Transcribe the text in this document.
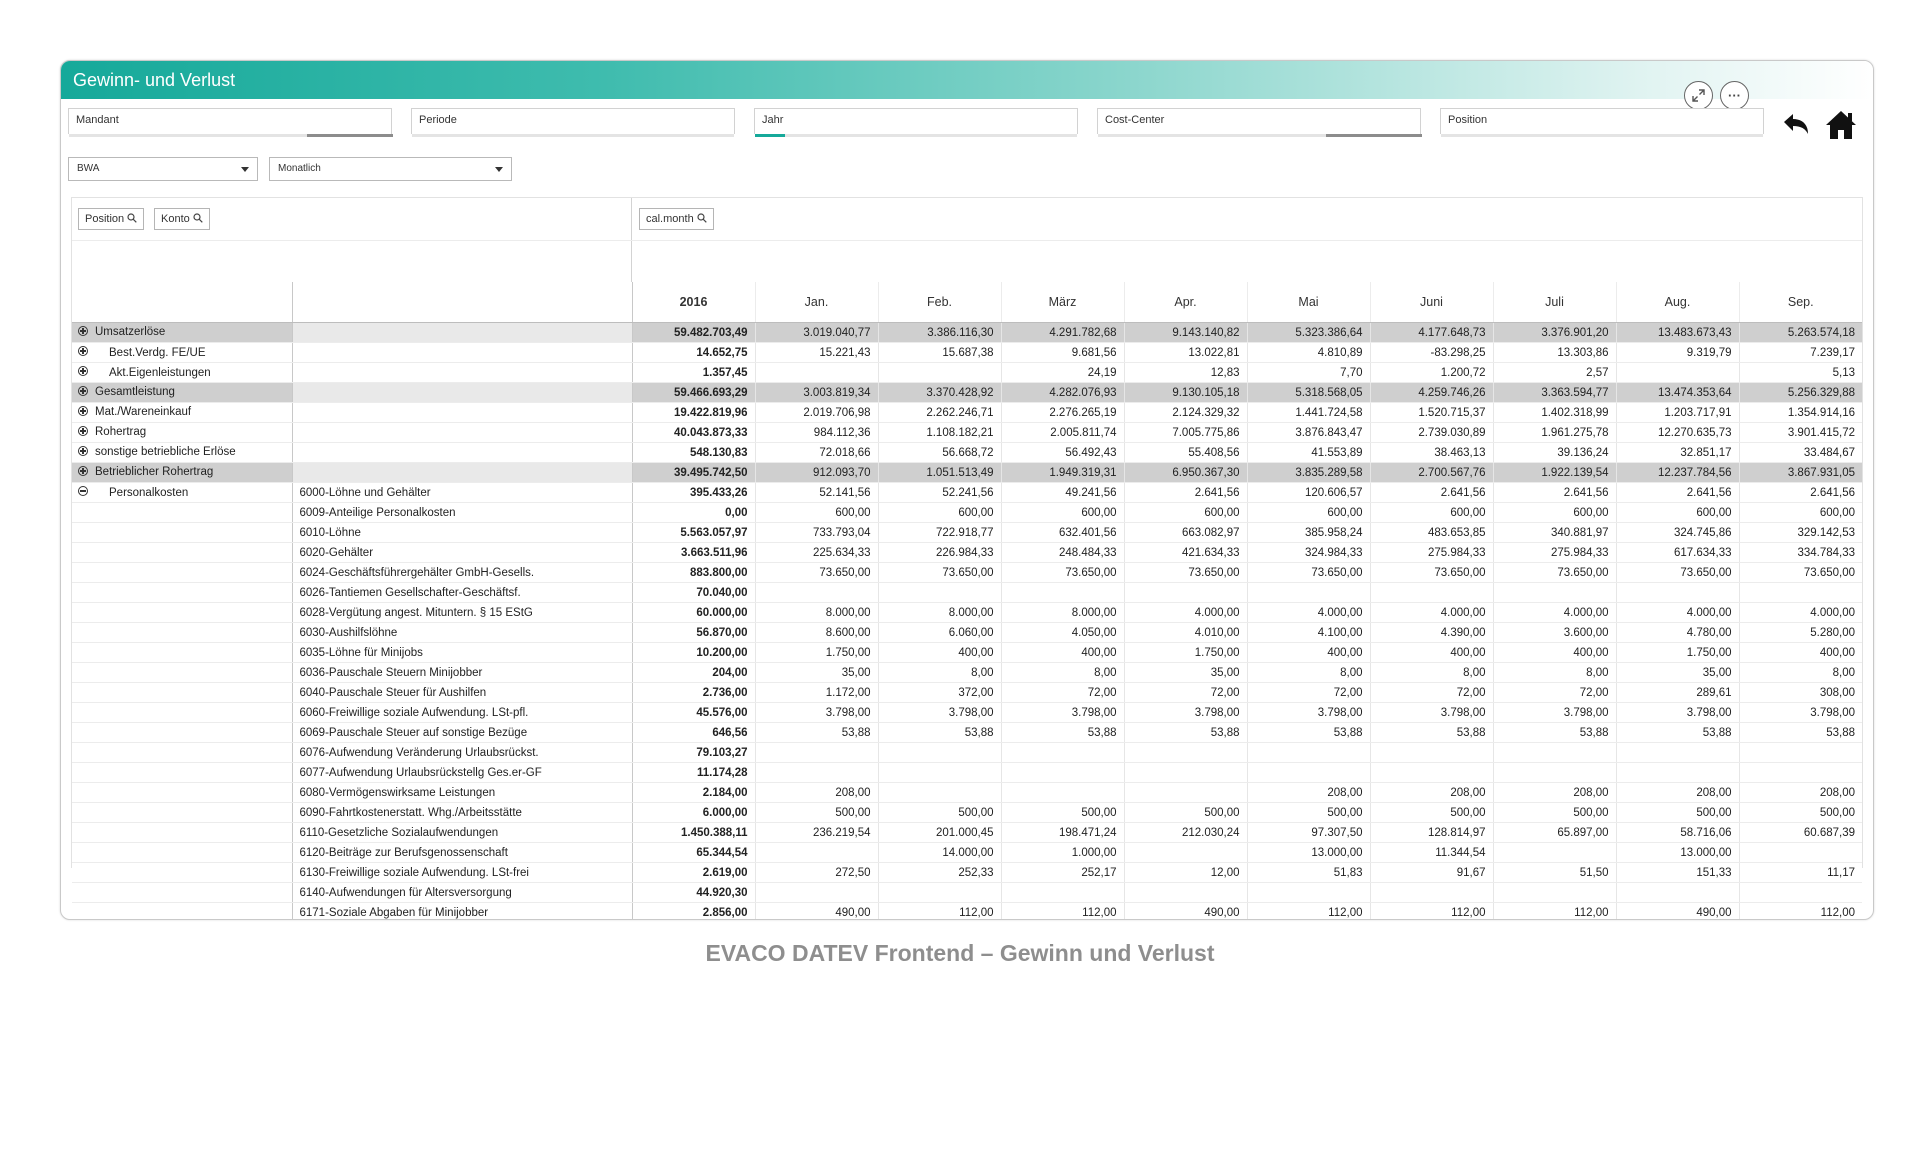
Gewinn- und Verlust
···
Mandant	Periode	Jahr	Cost-Center	Position
BWA	Monatlich
Position	Konto	cal.month
		2016	Jan.	Feb.	März	Apr.	Mai	Juni	Juli	Aug.	Sep.
Umsatzerlöse		59.482.703,49	3.019.040,77	3.386.116,30	4.291.782,68	9.143.140,82	5.323.386,64	4.177.648,73	3.376.901,20	13.483.673,43	5.263.574,18
Best.Verdg. FE/UE		14.652,75	15.221,43	15.687,38	9.681,56	13.022,81	4.810,89	-83.298,25	13.303,86	9.319,79	7.239,17
Akt.Eigenleistungen		1.357,45			24,19	12,83	7,70	1.200,72	2,57		5,13
Gesamtleistung		59.466.693,29	3.003.819,34	3.370.428,92	4.282.076,93	9.130.105,18	5.318.568,05	4.259.746,26	3.363.594,77	13.474.353,64	5.256.329,88
Mat./Wareneinkauf		19.422.819,96	2.019.706,98	2.262.246,71	2.276.265,19	2.124.329,32	1.441.724,58	1.520.715,37	1.402.318,99	1.203.717,91	1.354.914,16
Rohertrag		40.043.873,33	984.112,36	1.108.182,21	2.005.811,74	7.005.775,86	3.876.843,47	2.739.030,89	1.961.275,78	12.270.635,73	3.901.415,72
sonstige betriebliche Erlöse		548.130,83	72.018,66	56.668,72	56.492,43	55.408,56	41.553,89	38.463,13	39.136,24	32.851,17	33.484,67
Betrieblicher Rohertrag		39.495.742,50	912.093,70	1.051.513,49	1.949.319,31	6.950.367,30	3.835.289,58	2.700.567,76	1.922.139,54	12.237.784,56	3.867.931,05
Personalkosten	6000-Löhne und Gehälter	395.433,26	52.141,56	52.241,56	49.241,56	2.641,56	120.606,57	2.641,56	2.641,56	2.641,56	2.641,56
	6009-Anteilige Personalkosten	0,00	600,00	600,00	600,00	600,00	600,00	600,00	600,00	600,00	600,00
	6010-Löhne	5.563.057,97	733.793,04	722.918,77	632.401,56	663.082,97	385.958,24	483.653,85	340.881,97	324.745,86	329.142,53
	6020-Gehälter	3.663.511,96	225.634,33	226.984,33	248.484,33	421.634,33	324.984,33	275.984,33	275.984,33	617.634,33	334.784,33
	6024-Geschäftsführergehälter GmbH-Gesells.	883.800,00	73.650,00	73.650,00	73.650,00	73.650,00	73.650,00	73.650,00	73.650,00	73.650,00	73.650,00
	6026-Tantiemen Gesellschafter-Geschäftsf.	70.040,00									
	6028-Vergütung angest. Mituntern. § 15 EStG	60.000,00	8.000,00	8.000,00	8.000,00	4.000,00	4.000,00	4.000,00	4.000,00	4.000,00	4.000,00
	6030-Aushilfslöhne	56.870,00	8.600,00	6.060,00	4.050,00	4.010,00	4.100,00	4.390,00	3.600,00	4.780,00	5.280,00
	6035-Löhne für Minijobs	10.200,00	1.750,00	400,00	400,00	1.750,00	400,00	400,00	400,00	1.750,00	400,00
	6036-Pauschale Steuern Minijobber	204,00	35,00	8,00	8,00	35,00	8,00	8,00	8,00	35,00	8,00
	6040-Pauschale Steuer für Aushilfen	2.736,00	1.172,00	372,00	72,00	72,00	72,00	72,00	72,00	289,61	308,00
	6060-Freiwillige soziale Aufwendung. LSt-pfl.	45.576,00	3.798,00	3.798,00	3.798,00	3.798,00	3.798,00	3.798,00	3.798,00	3.798,00	3.798,00
	6069-Pauschale Steuer auf sonstige Bezüge	646,56	53,88	53,88	53,88	53,88	53,88	53,88	53,88	53,88	53,88
	6076-Aufwendung Veränderung Urlaubsrückst.	79.103,27									
	6077-Aufwendung Urlaubsrückstellg Ges.er-GF	11.174,28									
	6080-Vermögenswirksame Leistungen	2.184,00	208,00				208,00	208,00	208,00	208,00	208,00
	6090-Fahrtkostenerstatt. Whg./Arbeitsstätte	6.000,00	500,00	500,00	500,00	500,00	500,00	500,00	500,00	500,00	500,00
	6110-Gesetzliche Sozialaufwendungen	1.450.388,11	236.219,54	201.000,45	198.471,24	212.030,24	97.307,50	128.814,97	65.897,00	58.716,06	60.687,39
	6120-Beiträge zur Berufsgenossenschaft	65.344,54		14.000,00	1.000,00		13.000,00	11.344,54		13.000,00	
	6130-Freiwillige soziale Aufwendung. LSt-frei	2.619,00	272,50	252,33	252,17	12,00	51,83	91,67	51,50	151,33	11,17
	6140-Aufwendungen für Altersversorgung	44.920,30									
	6171-Soziale Abgaben für Minijobber	2.856,00	490,00	112,00	112,00	490,00	112,00	112,00	112,00	490,00	112,00
EVACO DATEV Frontend – Gewinn und Verlust
